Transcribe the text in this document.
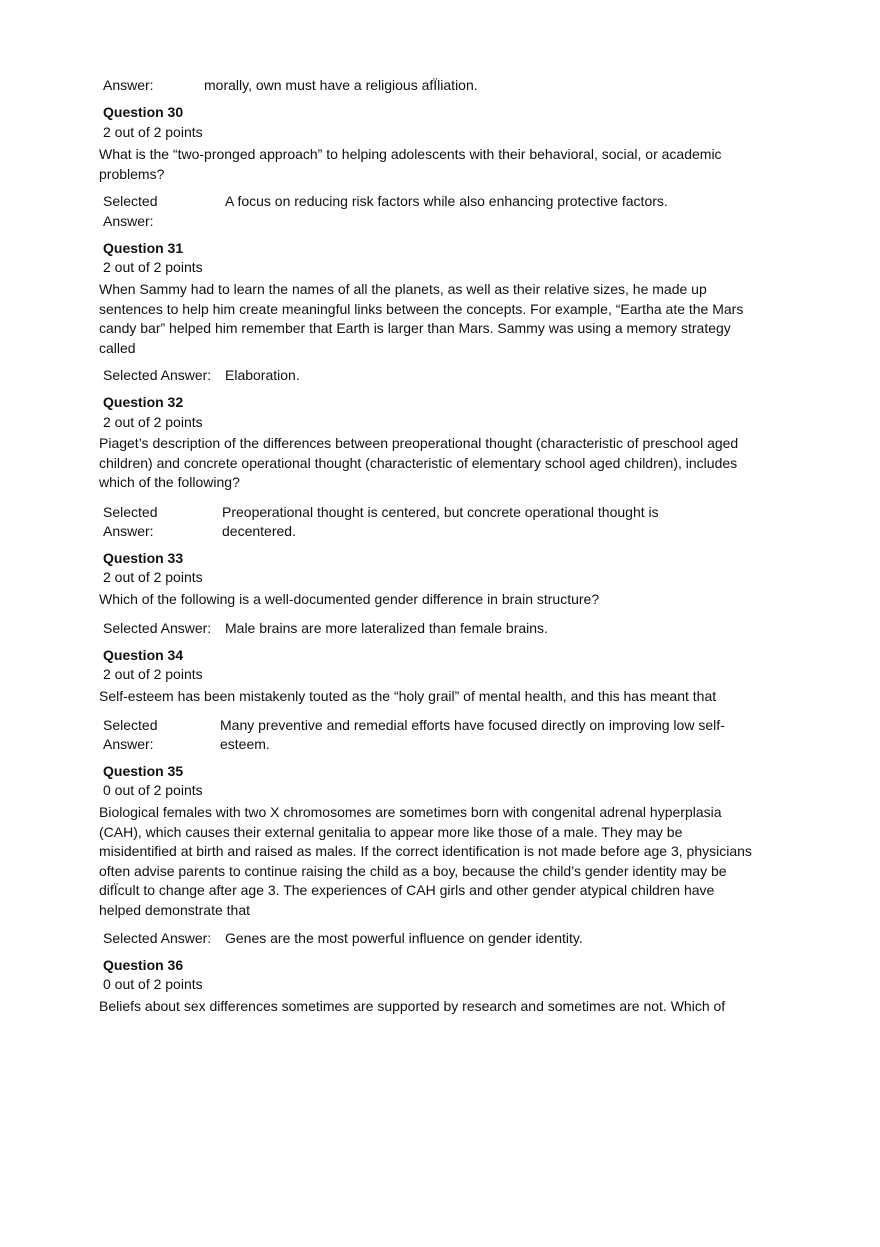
Answer:	morally, own must have a religious afÏliation.
Question 30
2 out of 2 points
What is the “two-pronged approach” to helping adolescents with their behavioral, social, or academic problems?
Selected
Answer:
A focus on reducing risk factors while also enhancing protective factors.
Question 31
2 out of 2 points
When Sammy had to learn the names of all the planets, as well as their relative sizes, he made up sentences to help him create meaningful links between the concepts. For example, “Eartha ate the Mars candy bar” helped him remember that Earth is larger than Mars. Sammy was using a memory strategy called
Selected Answer: Elaboration.
Question 32
2 out of 2 points
Piaget’s description of the differences between preoperational thought (characteristic of preschool aged children) and concrete operational thought (characteristic of elementary school aged children), includes which of the following?
Selected
Answer:
Preoperational thought is centered, but concrete operational thought is decentered.
Question 33
2 out of 2 points
Which of the following is a well-documented gender difference in brain structure?
Selected Answer: Male brains are more lateralized than female brains.
Question 34
2 out of 2 points
Self-esteem has been mistakenly touted as the “holy grail” of mental health, and this has meant that
Selected
Answer:
Many preventive and remedial efforts have focused directly on improving low self-esteem.
Question 35
0 out of 2 points
Biological females with two X chromosomes are sometimes born with congenital adrenal hyperplasia (CAH), which causes their external genitalia to appear more like those of a male. They may be misidentified at birth and raised as males. If the correct identification is not made before age 3, physicians often advise parents to continue raising the child as a boy, because the child’s gender identity may be difÏcult to change after age 3. The experiences of CAH girls and other gender atypical children have helped demonstrate that
Selected Answer: Genes are the most powerful influence on gender identity.
Question 36
0 out of 2 points
Beliefs about sex differences sometimes are supported by research and sometimes are not. Which of
